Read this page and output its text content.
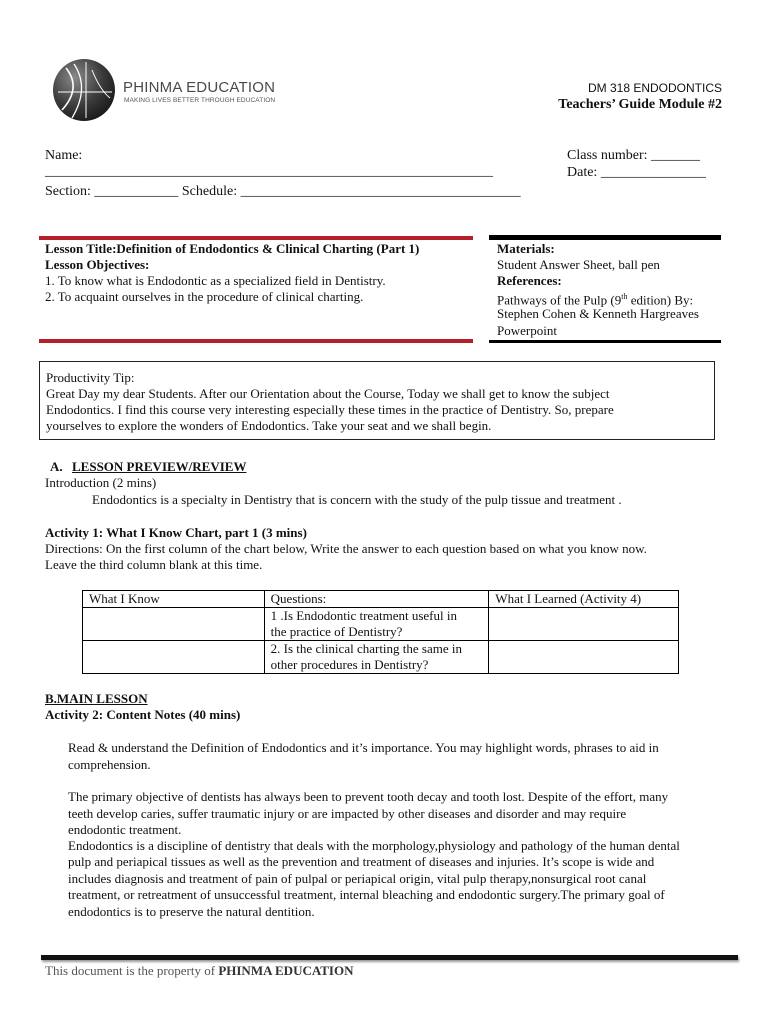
PHINMA EDUCATION
MAKING LIVES BETTER THROUGH EDUCATION
DM 318 ENDODONTICS
Teachers’ Guide Module #2
Name:	Class number: _______
________________________________________________________________	Date: _______________
Section: ____________ Schedule: ________________________________________
Lesson Title:Definition of Endodontics & Clinical Charting (Part 1)
Lesson Objectives:
1. To know what is Endodontic as a specialized field in Dentistry.
2. To acquaint ourselves in the procedure of clinical charting.
Materials:
Student Answer Sheet, ball pen
References:
Pathways of the Pulp (9th edition) By:
Stephen Cohen & Kenneth Hargreaves
Powerpoint
Productivity Tip:
Great Day my dear Students. After our Orientation about the Course, Today we shall get to know the subject
Endodontics. I find this course very interesting especially these times in the practice of Dentistry. So, prepare
yourselves to explore the wonders of Endodontics. Take your seat and we shall begin.
A. LESSON PREVIEW/REVIEW
Introduction (2 mins)
Endodontics is a specialty in Dentistry that is concern with the study of the pulp tissue and treatment .
Activity 1: What I Know Chart, part 1 (3 mins)
Directions: On the first column of the chart below, Write the answer to each question based on what you know now.
Leave the third column blank at this time.
What I Know	Questions:	What I Learned (Activity 4)

	1 .Is Endodontic treatment useful in
the practice of Dentistry?	

	2. Is the clinical charting the same in
other procedures in Dentistry?	

B.MAIN LESSON
Activity 2: Content Notes (40 mins)
Read & understand the Definition of Endodontics and it’s importance. You may highlight words, phrases to aid in
comprehension.
The primary objective of dentists has always been to prevent tooth decay and tooth lost. Despite of the effort, many
teeth develop caries, suffer traumatic injury or are impacted by other diseases and disorder and may require
endodontic treatment.
Endodontics is a discipline of dentistry that deals with the morphology,physiology and pathology of the human dental
pulp and periapical tissues as well as the prevention and treatment of diseases and injuries. It’s scope is wide and
includes diagnosis and treatment of pain of pulpal or periapical origin, vital pulp therapy,nonsurgical root canal
treatment, or retreatment of unsuccessful treatment, internal bleaching and endodontic surgery.The primary goal of
endodontics is to preserve the natural dentition.
This document is the property of PHINMA EDUCATION
